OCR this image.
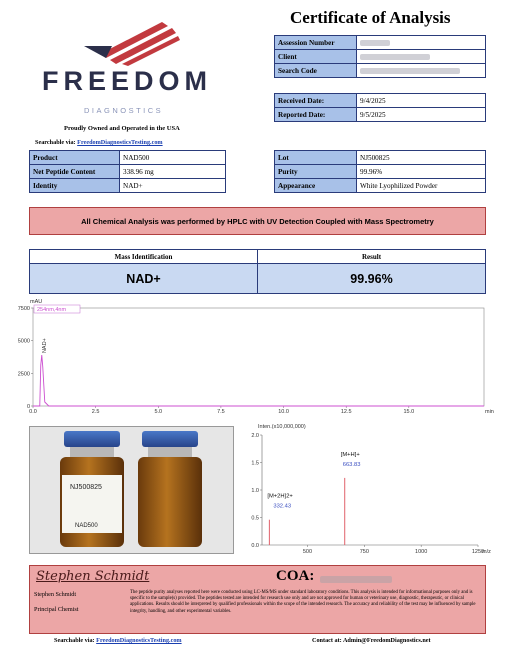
FREEDOM
DIAGNOSTICS
Proudly Owned and Operated in the USA
Searchable via: FreedomDiagnosticsTesting.com
Certificate of Analysis
Assession Number	
Client	
Search Code	
Received Date:	9/4/2025
Reported Date:	9/5/2025
Product	NAD500
Net Peptide Content	338.96 mg
Identity	NAD+
Lot	NJ500825
Purity	99.96%
Appearance	White Lyophilized Powder
All Chemical Analysis was performed by HPLC with UV Detection Coupled with Mass Spectrometry
Mass Identification	Result
NAD+	99.96%
mAU
min
0
2500
5000
7500
0.0	2.5	5.0	7.5	10.0	12.5	15.0
254nm,4nm
NAD+
NJ500825
NAD500
Inten.(x10,000,000)
0.0
0.5
1.0
1.5
2.0
500	750	1000	1250
m/z
[M+2H]2+
332.43
[M+H]+
663.83
Stephen Schmidt
Stephen Schmidt
Principal Chemist
COA:
The peptide purity analyses reported here were conducted using LC-MS/MS under standard laboratory conditions. This analysis is intended for informational purposes only and is specific to the sample(s) provided. The peptides tested are intended for research use only and are not approved for human or veterinary use, diagnostic, therapeutic, or clinical applications. Results should be interpreted by qualified professionals within the scope of the intended research. The accuracy and reliability of the test may be influenced by sample integrity, handling, and other experimental variables.
Searchable via: FreedomDiagnosticsTesting.com	Contact at: Admin@FreedomDiagnostics.net
